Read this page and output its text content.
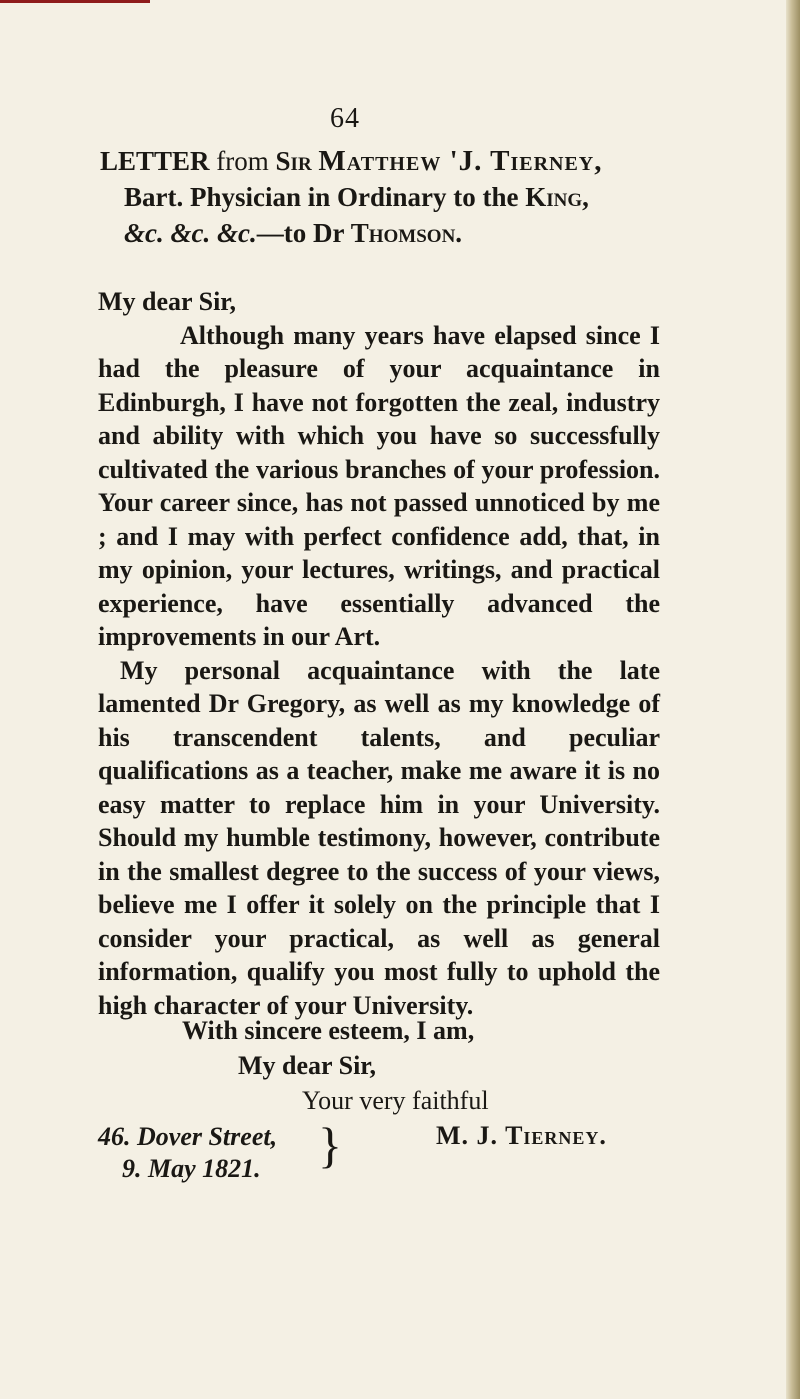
64
LETTER from Sir Matthew 'J. Tierney,
Bart. Physician in Ordinary to the King,
&c. &c. &c.—to Dr Thomson.

My dear Sir,

Although many years have elapsed since I had the pleasure of your acquaintance in Edinburgh, I have not forgotten the zeal, industry and ability with which you have so successfully cultivated the various branches of your profession. Your career since, has not passed unnoticed by me ; and I may with perfect confidence add, that, in my opinion, your lectures, writings, and practical experience, have essentially advanced the improvements in our Art.

My personal acquaintance with the late lamented Dr Gregory, as well as my knowledge of his transcendent talents, and peculiar qualifications as a teacher, make me aware it is no easy matter to replace him in your University. Should my humble testimony, however, contribute in the smallest degree to the success of your views, believe me I offer it solely on the principle that I consider your practical, as well as general information, qualify you most fully to uphold the high character of your University.

With sincere esteem, I am,
My dear Sir,
Your very faithful
46. Dover Street,
9. May 1821.	}	M. J. Tierney.
